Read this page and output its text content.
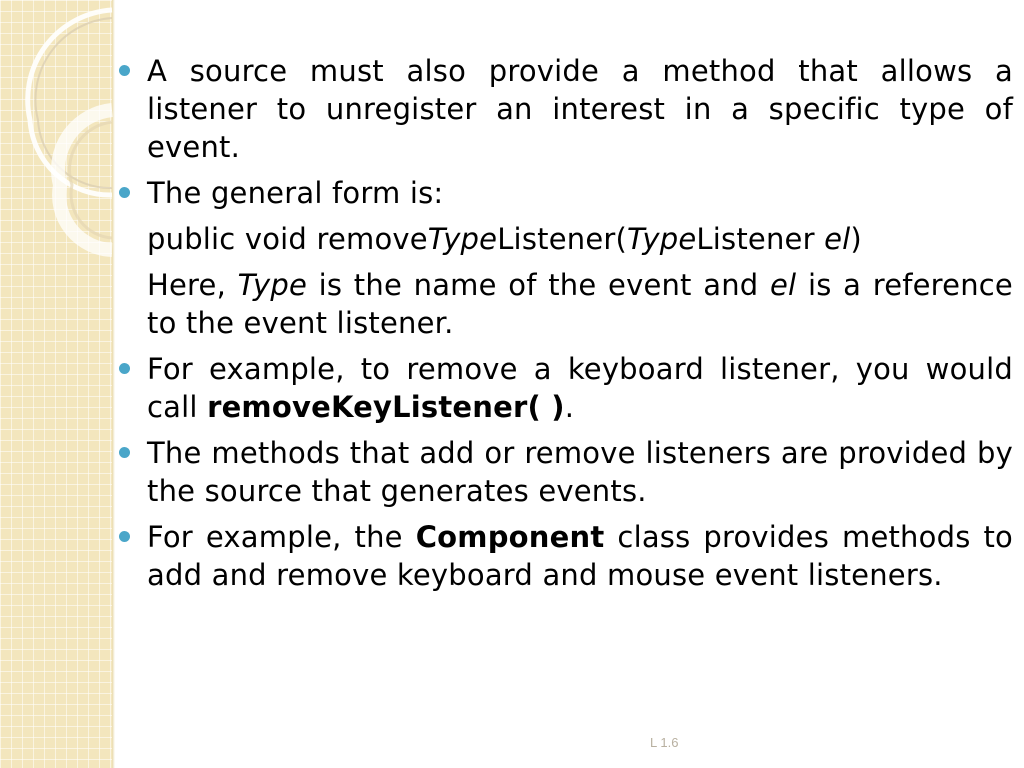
A source must also provide a method that allows a listener to unregister an interest in a specific type of event.
The general form is:
public void removeTypeListener(TypeListener el)
Here, Type is the name of the event and el is a reference to the event listener.
For example, to remove a keyboard listener, you would call removeKeyListener( ).
The methods that add or remove listeners are provided by the source that generates events.
For example, the Component class provides methods to add and remove keyboard and mouse event listeners.
L 1.6
